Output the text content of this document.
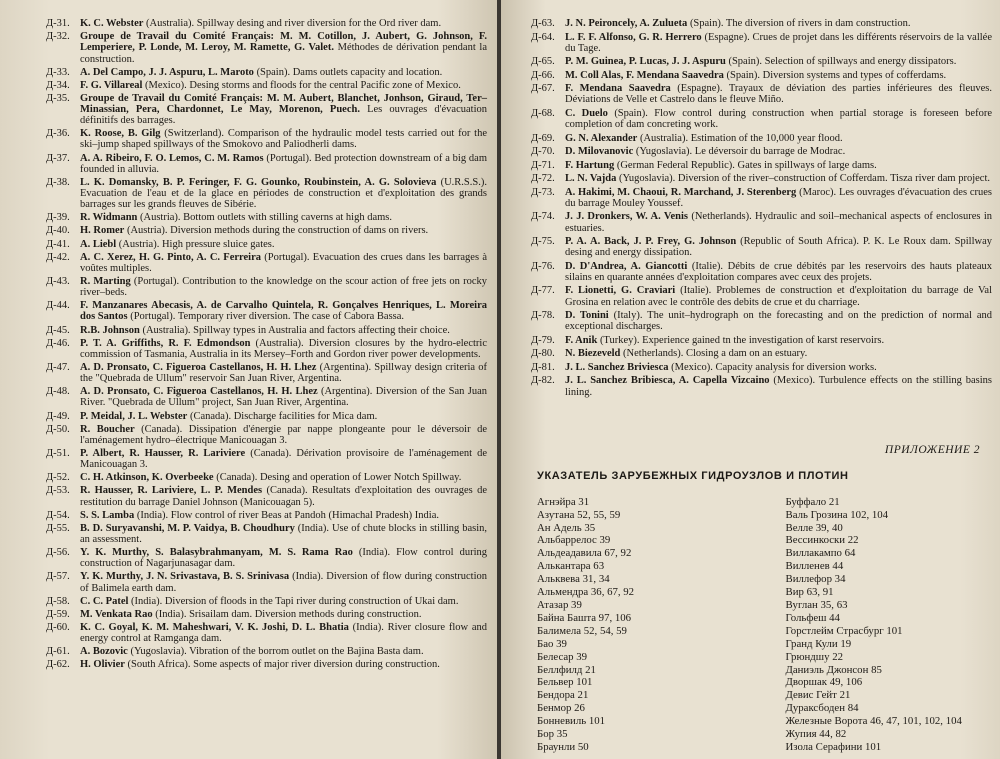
Д-31. K. C. Webster (Australia). Spillway desing and river diversion for the Ord river dam.
Д-32. Groupe de Travail du Comité Français: M. M. Cotillon, J. Aubert, G. Johnson, F. Lemperiere, P. Londe, M. Leroy, M. Ramette, G. Valet. Méthodes de dérivation pendant la construction.
Д-33. A. Del Campo, J. J. Aspuru, L. Maroto (Spain). Dams outlets capacity and location.
Д-34. F. G. Villareal (Mexico). Desing storms and floods for the central Pacific zone of Mexico.
Д-35. Groupe de Travail du Comité Français: M. M. Aubert, Blanchet, Jonhson, Giraud, Ter–Minassian, Pera, Chardonnet, Le May, Morenon, Puech. Les ouvrages d'évacuation définitifs des barrages.
Д-36. K. Roose, B. Gilg (Switzerland). Comparison of the hydraulic model tests carried out for the ski–jump shaped spillways of the Smokovo and Paliodherli dams.
Д-37. A. A. Ribeiro, F. O. Lemos, C. M. Ramos (Portugal). Bed protection downstream of a big dam founded in alluvia.
Д-38. L. K. Domansky, B. P. Feringer, F. G. Gounko, Roubinstein, A. G. Solovieva (U.R.S.S.). Evacuation de l'eau et de la glace en périodes de construction et d'exploitation des grands barrages sur les grands fleuves de Sibérie.
Д-39. R. Widmann (Austria). Bottom outlets with stilling caverns at high dams.
Д-40. H. Romer (Austria). Diversion methods during the construction of dams on rivers.
Д-41. A. Liebl (Austria). High pressure sluice gates.
Д-42. A. C. Xerez, H. G. Pinto, A. C. Ferreira (Portugal). Evacuation des crues dans les barrages à voûtes multiples.
Д-43. R. Marting (Portugal). Contribution to the knowledge on the scour action of free jets on rocky river–beds.
Д-44. F. Manzanares Abecasis, A. de Carvalho Quintela, R. Gonçalves Henriques, L. Moreira dos Santos (Portugal). Temporary river diversion. The case of Cabora Bassa.
Д-45. R.B. Johnson (Australia). Spillway types in Australia and factors affecting their choice.
Д-46. P. T. A. Griffiths, R. F. Edmondson (Australia). Diversion closures by the hydro-electric commission of Tasmania, Australia in its Mersey–Forth and Gordon river power developments.
Д-47. A. D. Pronsato, C. Figueroa Castellanos, H. H. Lhez (Argentina). Spillway design criteria of the "Quebrada de Ullum" reservoir San Juan River, Argentina.
Д-48. A. D. Pronsato, C. Figueroa Castellanos, H. H. Lhez (Argentina). Diversion of the San Juan River. "Quebrada de Ullum" project, San Juan River, Argentina.
Д-49. P. Meidal, J. L. Webster (Canada). Discharge facilities for Mica dam.
Д-50. R. Boucher (Canada). Dissipation d'énergie par nappe plongeante pour le déversoir de l'aménagement hydro–électrique Manicouagan 3.
Д-51. P. Albert, R. Hausser, R. Lariviere (Canada). Dérivation provisoire de l'aménagement de Manicouagan 3.
Д-52. C. H. Atkinson, K. Overbeeke (Canada). Desing and operation of Lower Notch Spillway.
Д-53. R. Hausser, R. Lariviere, L. P. Mendes (Canada). Resultats d'exploitation des ouvrages de restitution du barrage Daniel Johnson (Manicouagan 5).
Д-54. S. S. Lamba (India). Flow control of river Beas at Pandoh (Himachal Pradesh) India.
Д-55. B. D. Suryavanshi, M. P. Vaidya, B. Choudhury (India). Use of chute blocks in stilling basin, an assessment.
Д-56. Y. K. Murthy, S. Balasybrahmanyam, M. S. Rama Rao (India). Flow control during construction of Nagarjunasagar dam.
Д-57. Y. K. Murthy, J. N. Srivastava, B. S. Srinivasa (India). Diversion of flow during construction of Balimela earth dam.
Д-58. C. C. Patel (India). Diversion of floods in the Tapi river during construction of Ukai dam.
Д-59. M. Venkata Rao (India). Srisailam dam. Diversion methods during construction.
Д-60. K. C. Goyal, K. M. Maheshwari, V. K. Joshi, D. L. Bhatia (India). River closure flow and energy control at Ramganga dam.
Д-61. A. Bozovic (Yugoslavia). Vibration of the borrom outlet on the Bajina Basta dam.
Д-62. H. Olivier (South Africa). Some aspects of major river diversion during construction.
Д-63. J. N. Peironcely, A. Zulueta (Spain). The diversion of rivers in dam construction.
Д-64. L. F. F. Alfonso, G. R. Herrero (Espagne). Crues de projet dans les différents réservoirs de la vallée du Tage.
Д-65. P. M. Guinea, P. Lucas, J. J. Aspuru (Spain). Selection of spillways and energy dissipators.
Д-66. M. Coll Alas, F. Mendana Saavedra (Spain). Diversion systems and types of cofferdams.
Д-67. F. Mendana Saavedra (Espagne). Trayaux de déviation des parties inférieures des fleuves. Déviations de Velle et Castrelo dans le fleuve Miño.
Д-68. C. Duelo (Spain). Flow control during construction when partial storage is foreseen before completion of dam concreting work.
Д-69. G. N. Alexander (Australia). Estimation of the 10,000 year flood.
Д-70. D. Milovanovic (Yugoslavia). Le déversoir du barrage de Modrac.
Д-71. F. Hartung (German Federal Republic). Gates in spillways of large dams.
Д-72. L. N. Vajda (Yugoslavia). Diversion of the river–construction of Cofferdam. Tisza river dam project.
Д-73. A. Hakimi, M. Chaoui, R. Marchand, J. Sterenberg (Maroc). Les ouvrages d'évacuation des crues du barrage Mouley Youssef.
Д-74. J. J. Dronkers, W. A. Venis (Netherlands). Hydraulic and soil–mechanical aspects of enclosures in estuaries.
Д-75. P. A. A. Back, J. P. Frey, G. Johnson (Republic of South Africa). P. K. Le Roux dam. Spillway desing and energy dissipation.
Д-76. D. D'Andrea, A. Giancotti (Italie). Débits de crue débités par les reservoirs des hauts plateaux silains en quarante années d'exploitation compares avec ceux des projets.
Д-77. F. Lionetti, G. Craviari (Italie). Problemes de construction et d'exploitation du barrage de Val Grosina en relation avec le contrôle des debits de crue et du charriage.
Д-78. D. Tonini (Italy). The unit–hydrograph on the forecasting and on the prediction of normal and exceptional discharges.
Д-79. F. Anik (Turkey). Experience gained tn the investigation of karst reservoirs.
Д-80. N. Biezeveld (Netherlands). Closing a dam on an estuary.
Д-81. J. L. Sanchez Briviesca (Mexico). Capacity analysis for diversion works.
Д-82. J. L. Sanchez Bribiesca, A. Capella Vizcaino (Mexico). Turbulence effects on the stilling basins lining.
ПРИЛОЖЕНИЕ 2
УКАЗАТЕЛЬ ЗАРУБЕЖНЫХ ГИДРОУЗЛОВ И ПЛОТИН
Агнэйра 31
Азутана 52, 55, 59
Ан Адель 35
Альбаррелос 39
Альдеадавила 67, 92
Алькантара 63
Альквева 31, 34
Альмендра 36, 67, 92
Атазар 39
Байна Башта 97, 106
Балимела 52, 54, 59
Бао 39
Белесар 39
Беллфилд 21
Бельвер 101
Бендора 21
Бенмор 26
Бонневиль 101
Бор 35
Браунли 50
Буффало 21
Валь Грозина 102, 104
Велле 39, 40
Вессинкоски 22
Виллакампо 64
Вилленев 44
Виллефор 34
Вир 63, 91
Вуглан 35, 63
Гольфеш 44
Горстлейм Страсбург 101
Гранд Кули 19
Грюндшу 22
Даниэль Джонсон 85
Дворшак 49, 106
Девис Гейт 21
Дураксбоден 84
Железные Ворота 46, 47, 101, 102, 104
Жупия 44, 82
Изола Серафини 101
